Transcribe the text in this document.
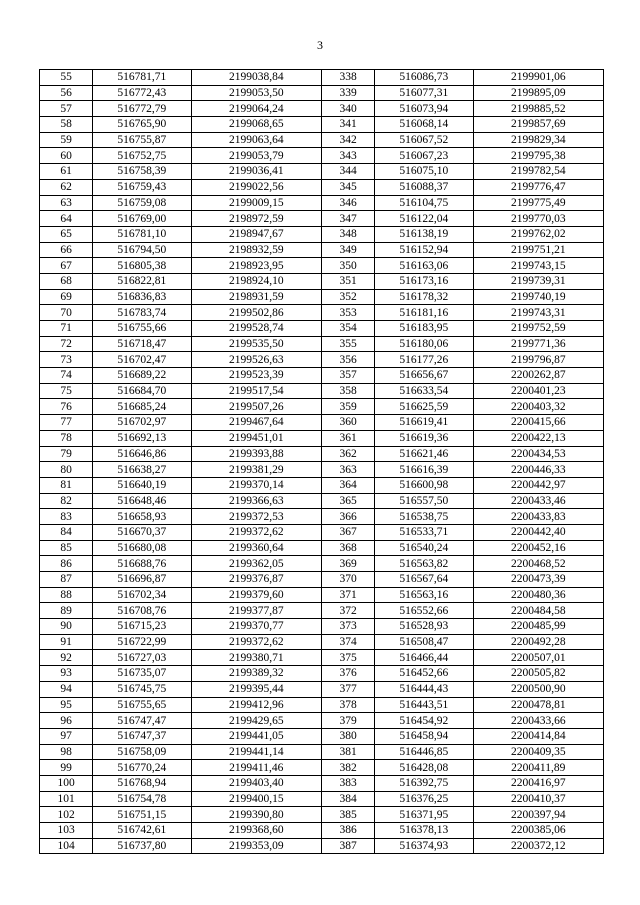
3
55	516781,71	2199038,84	338	516086,73	2199901,06
56	516772,43	2199053,50	339	516077,31	2199895,09
57	516772,79	2199064,24	340	516073,94	2199885,52
58	516765,90	2199068,65	341	516068,14	2199857,69
59	516755,87	2199063,64	342	516067,52	2199829,34
60	516752,75	2199053,79	343	516067,23	2199795,38
61	516758,39	2199036,41	344	516075,10	2199782,54
62	516759,43	2199022,56	345	516088,37	2199776,47
63	516759,08	2199009,15	346	516104,75	2199775,49
64	516769,00	2198972,59	347	516122,04	2199770,03
65	516781,10	2198947,67	348	516138,19	2199762,02
66	516794,50	2198932,59	349	516152,94	2199751,21
67	516805,38	2198923,95	350	516163,06	2199743,15
68	516822,81	2198924,10	351	516173,16	2199739,31
69	516836,83	2198931,59	352	516178,32	2199740,19
70	516783,74	2199502,86	353	516181,16	2199743,31
71	516755,66	2199528,74	354	516183,95	2199752,59
72	516718,47	2199535,50	355	516180,06	2199771,36
73	516702,47	2199526,63	356	516177,26	2199796,87
74	516689,22	2199523,39	357	516656,67	2200262,87
75	516684,70	2199517,54	358	516633,54	2200401,23
76	516685,24	2199507,26	359	516625,59	2200403,32
77	516702,97	2199467,64	360	516619,41	2200415,66
78	516692,13	2199451,01	361	516619,36	2200422,13
79	516646,86	2199393,88	362	516621,46	2200434,53
80	516638,27	2199381,29	363	516616,39	2200446,33
81	516640,19	2199370,14	364	516600,98	2200442,97
82	516648,46	2199366,63	365	516557,50	2200433,46
83	516658,93	2199372,53	366	516538,75	2200433,83
84	516670,37	2199372,62	367	516533,71	2200442,40
85	516680,08	2199360,64	368	516540,24	2200452,16
86	516688,76	2199362,05	369	516563,82	2200468,52
87	516696,87	2199376,87	370	516567,64	2200473,39
88	516702,34	2199379,60	371	516563,16	2200480,36
89	516708,76	2199377,87	372	516552,66	2200484,58
90	516715,23	2199370,77	373	516528,93	2200485,99
91	516722,99	2199372,62	374	516508,47	2200492,28
92	516727,03	2199380,71	375	516466,44	2200507,01
93	516735,07	2199389,32	376	516452,66	2200505,82
94	516745,75	2199395,44	377	516444,43	2200500,90
95	516755,65	2199412,96	378	516443,51	2200478,81
96	516747,47	2199429,65	379	516454,92	2200433,66
97	516747,37	2199441,05	380	516458,94	2200414,84
98	516758,09	2199441,14	381	516446,85	2200409,35
99	516770,24	2199411,46	382	516428,08	2200411,89
100	516768,94	2199403,40	383	516392,75	2200416,97
101	516754,78	2199400,15	384	516376,25	2200410,37
102	516751,15	2199390,80	385	516371,95	2200397,94
103	516742,61	2199368,60	386	516378,13	2200385,06
104	516737,80	2199353,09	387	516374,93	2200372,12
